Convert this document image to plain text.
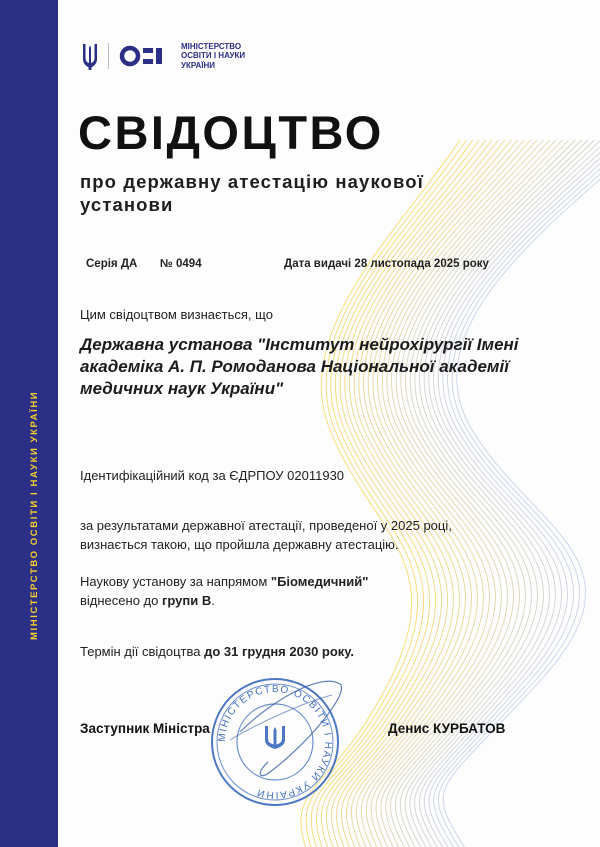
МІНІСТЕРСТВО ОСВІТИ І НАУКИ УКРАЇНИ
МІНІСТЕРСТВО
ОСВІТИ І НАУКИ
УКРАЇНИ
СВІДОЦТВО
про державну атестацію наукової установи
Серія ДА № 0494	Дата видачі 28 листопада 2025 року
Цим свідоцтвом визнається, що
Державна установа "Інститут нейрохірургії Імені академіка А. П. Ромоданова Національної академії медичних наук України"
Ідентифікаційний код за ЄДРПОУ 02011930
за результатами державної атестації, проведеної у 2025 році,
визнається такою, що пройшла державну атестацію.
Наукову установу за напрямом "Біомедичний"
віднесено до групи В.
Термін дії свідоцтва до 31 грудня 2030 року.
МІНІСТЕРСТВО ОСВІТИ І НАУКИ УКРАЇНИ
Заступник Міністра	Денис КУРБАТОВ
